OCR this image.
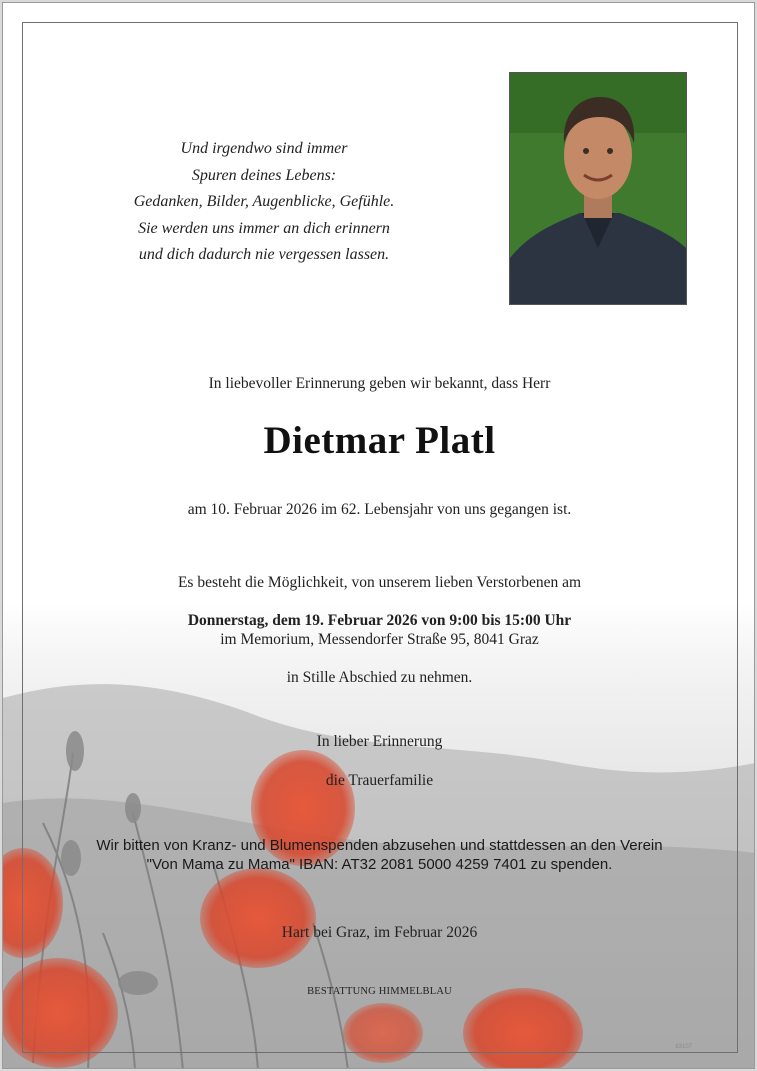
Und irgendwo sind immer
Spuren deines Lebens:
Gedanken, Bilder, Augenblicke, Gefühle.
Sie werden uns immer an dich erinnern
und dich dadurch nie vergessen lassen.
In liebevoller Erinnerung geben wir bekannt, dass Herr
Dietmar Platl
am 10. Februar 2026 im 62. Lebensjahr von uns gegangen ist.
Es besteht die Möglichkeit, von unserem lieben Verstorbenen am
Donnerstag, dem 19. Februar 2026 von 9:00 bis 15:00 Uhr
im Memorium, Messendorfer Straße 95, 8041 Graz
in Stille Abschied zu nehmen.
In lieber Erinnerung
die Trauerfamilie
Wir bitten von Kranz- und Blumenspenden abzusehen und stattdessen an den Verein
"Von Mama zu Mama" IBAN: AT32 2081 5000 4259 7401 zu spenden.
Hart bei Graz, im Februar 2026
BESTATTUNG HIMMELBLAU
83107
